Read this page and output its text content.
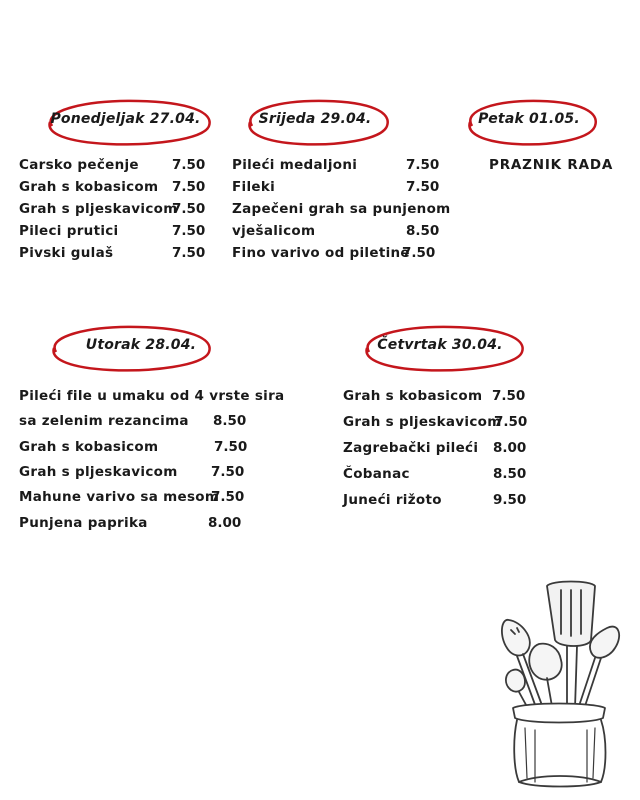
Ponedjeljak 27.04.
Carsko pečenje 7.50
Grah s kobasicom 7.50
Grah s pljeskavicom
7.50
Pileci prutici	7.50
Pivski gulaš	7.50
Srijeda 29.04.
Pileći medaljoni	7.50
Fileki	7.50
Zapečeni grah sa punjenom
vješalicom	8.50
Fino varivo od piletine
7.50
Petak 01.05.
PRAZNIK RADA
Utorak 28.04.
Pileći file u umaku od 4 vrste sira
sa zelenim rezancima 8.50
Grah s kobasicom	7.50
Grah s pljeskavicom 7.50
Mahune varivo sa mesom
7.50
Punjena paprika	8.00
Četvrtak 30.04.
Grah s kobasicom 7.50
Grah s pljeskavicom
7.50
Zagrebački pileći 8.00
Čobanac	8.50
Juneći rižoto	9.50
